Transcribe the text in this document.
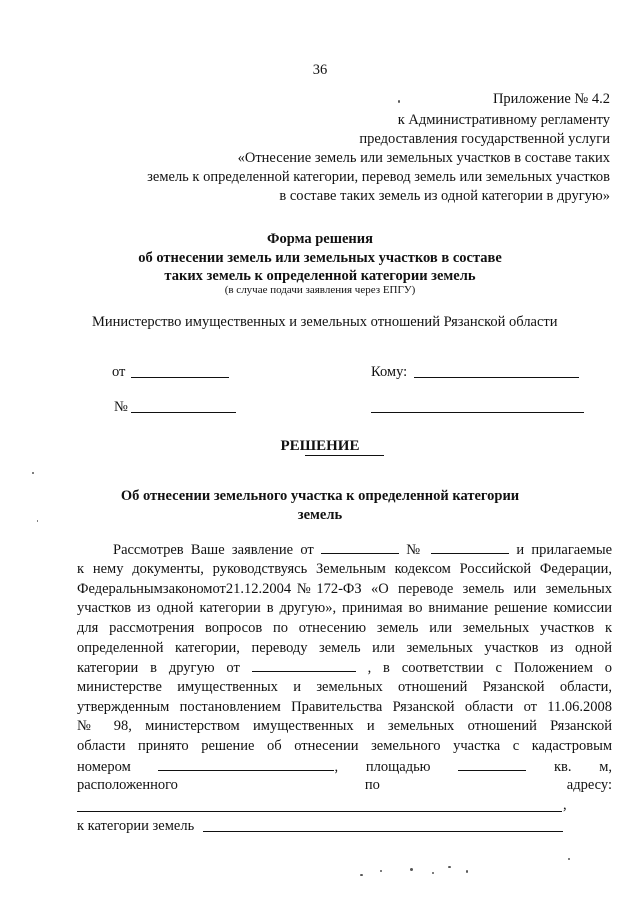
36
Приложение № 4.2
к Административному регламенту
предоставления государственной услуги
«Отнесение земель или земельных участков в составе таких
земель к определенной категории, перевод земель или земельных участков
в составе таких земель из одной категории в другую»
Форма решения
об отнесении земель или земельных участков в составе
таких земель к определенной категории земель
(в случае подачи заявления через ЕПГУ)
Министерство имущественных и земельных отношений Рязанской области
от	Кому:
№
РЕШЕНИЕ
Об отнесении земельного участка к определенной категории
земель
Рассмотрев Ваше заявление от	№	и прилагаемые
к нему документы, руководствуясь Земельным кодексом Российской Федерации,
Федеральнымзакономот21.12.2004№172-ФЗ «О переводе земель или земельных
участков из одной категории в другую», принимая во внимание решение комиссии
для рассмотрения вопросов по отнесению земель или земельных участков к
определенной категории, переводу земель или земельных участков из одной
категории в другую от	, в соответствии с Положением о
министерстве имущественных и земельных отношений Рязанской области,
утвержденным постановлением Правительства Рязанской области от 11.06.2008
№ 98, министерством имущественных и земельных отношений Рязанской
области принято решение об отнесении земельного участка с кадастровым
номером	, площадью	кв. м,
расположенного	по	адресу:
,
к категории земель
